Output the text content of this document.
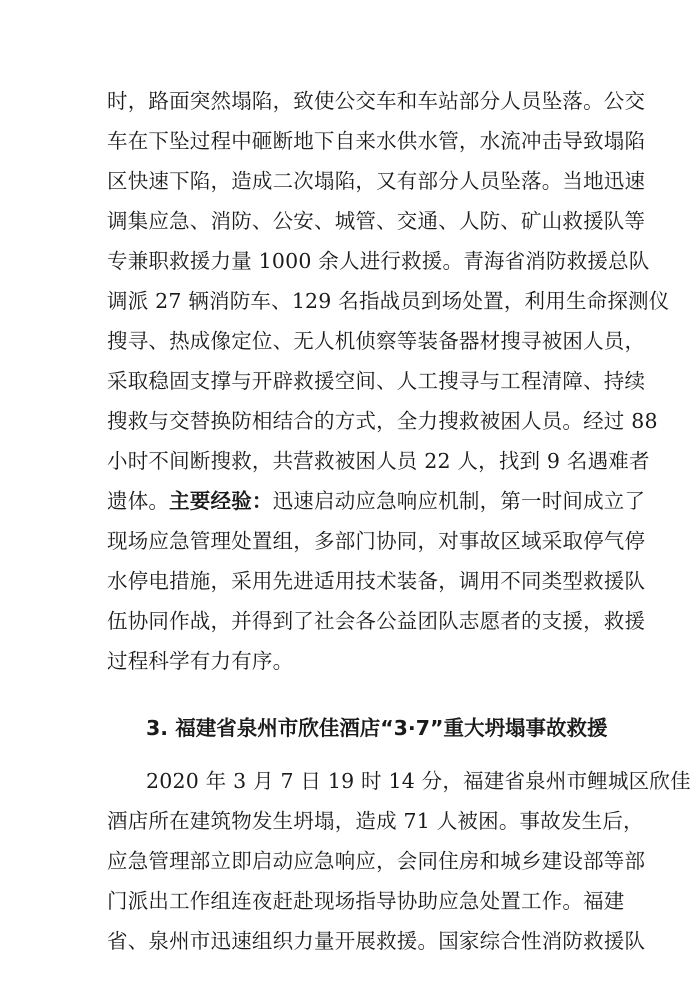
时，路面突然塌陷，致使公交车和车站部分人员坠落。公交

车在下坠过程中砸断地下自来水供水管，水流冲击导致塌陷

区快速下陷，造成二次塌陷，又有部分人员坠落。当地迅速

调集应急、消防、公安、城管、交通、人防、矿山救援队等

专兼职救援力量 1000 余人进行救援。青海省消防救援总队

调派 27 辆消防车、129 名指战员到场处置，利用生命探测仪

搜寻、热成像定位、无人机侦察等装备器材搜寻被困人员，

采取稳固支撑与开辟救援空间、人工搜寻与工程清障、持续

搜救与交替换防相结合的方式，全力搜救被困人员。经过 88

小时不间断搜救，共营救被困人员 22 人，找到 9 名遇难者

遗体。主要经验：迅速启动应急响应机制，第一时间成立了

现场应急管理处置组，多部门协同，对事故区域采取停气停

水停电措施，采用先进适用技术装备，调用不同类型救援队

伍协同作战，并得到了社会各公益团队志愿者的支援，救援

过程科学有力有序。

3. 福建省泉州市欣佳酒店“3·7”重大坍塌事故救援

2020 年 3 月 7 日 19 时 14 分，福建省泉州市鲤城区欣佳

酒店所在建筑物发生坍塌，造成 71 人被困。事故发生后，

应急管理部立即启动应急响应，会同住房和城乡建设部等部

门派出工作组连夜赶赴现场指导协助应急处置工作。福建

省、泉州市迅速组织力量开展救援。国家综合性消防救援队
